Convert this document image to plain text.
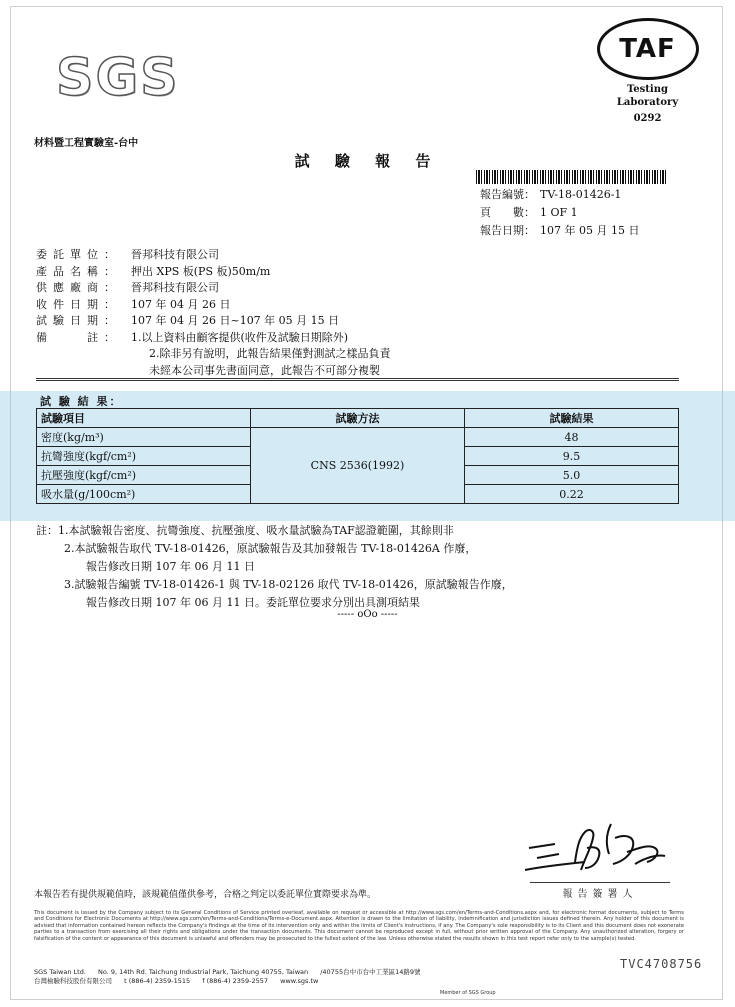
SGS	TAF
Testing Laboratory
0292
材料暨工程實驗室-台中
試 驗 報 告
報告編號： TV-18-01426-1
頁　　數： 1 OF 1
報告日期： 107 年 05 月 15 日
委託單位： 晉邦科技有限公司
產品名稱： 押出 XPS 板(PS 板)50m/m
供應廠商： 晉邦科技有限公司
收件日期： 107 年 04 月 26 日
試驗日期： 107 年 04 月 26 日~107 年 05 月 15 日
備　　註： 1.以上資料由顧客提供(收件及試驗日期除外)
2.除非另有說明，此報告結果僅對測試之樣品負責
未經本公司事先書面同意，此報告不可部分複製
試 驗 結 果：
試驗項目	試驗方法	試驗結果
密度(kg/m³)	CNS 2536(1992)	48
抗彎強度(kgf/cm²)		9.5
抗壓強度(kgf/cm²)		5.0
吸水量(g/100cm²)		0.22
註：1.本試驗報告密度、抗彎強度、抗壓強度、吸水量試驗為TAF認證範圍，其餘則非
2.本試驗報告取代 TV-18-01426，原試驗報告及其加發報告 TV-18-01426A 作廢，
報告修改日期 107 年 06 月 11 日
3.試驗報告編號 TV-18-01426-1 與 TV-18-02126 取代 TV-18-01426，原試驗報告作廢，
報告修改日期 107 年 06 月 11 日。委託單位要求分別出具測項結果
----- oOo -----
報告簽署人
本報告若有提供規範值時，該規範值僅供參考，合格之判定以委託單位實際要求為準。
This document is issued by the Company subject to its General Conditions of Service printed overleaf, available on request or accessible at http://www.sgs.com/en/Terms-and-Conditions.aspx and, for electronic format documents, subject to Terms and Conditions for Electronic Documents at http://www.sgs.com/en/Terms-and-Conditions/Terms-e-Document.aspx. Attention is drawn to the limitation of liability, indemnification and jurisdiction issues defined therein. Any holder of this document is advised that information contained hereon reflects the Company's findings at the time of its intervention only and within the limits of Client's instructions, if any. The Company's sole responsibility is to its Client and this document does not exonerate parties to a transaction from exercising all their rights and obligations under the transaction documents. This document cannot be reproduced except in full, without prior written approval of the Company. Any unauthorized alteration, forgery or falsification of the content or appearance of this document is unlawful and offenders may be prosecuted to the fullest extent of the law. Unless otherwise stated the results shown in this test report refer only to the sample(s) tested.
TVC4708756
SGS Taiwan Ltd. No. 9, 14th Rd. Taichung Industrial Park, Taichung 40755, Taiwan /40755台中市台中工業區14路9號
台灣檢驗科技股份有限公司 t (886-4) 2359-1515 f (886-4) 2359-2557 www.sgs.tw
Member of SGS Group
